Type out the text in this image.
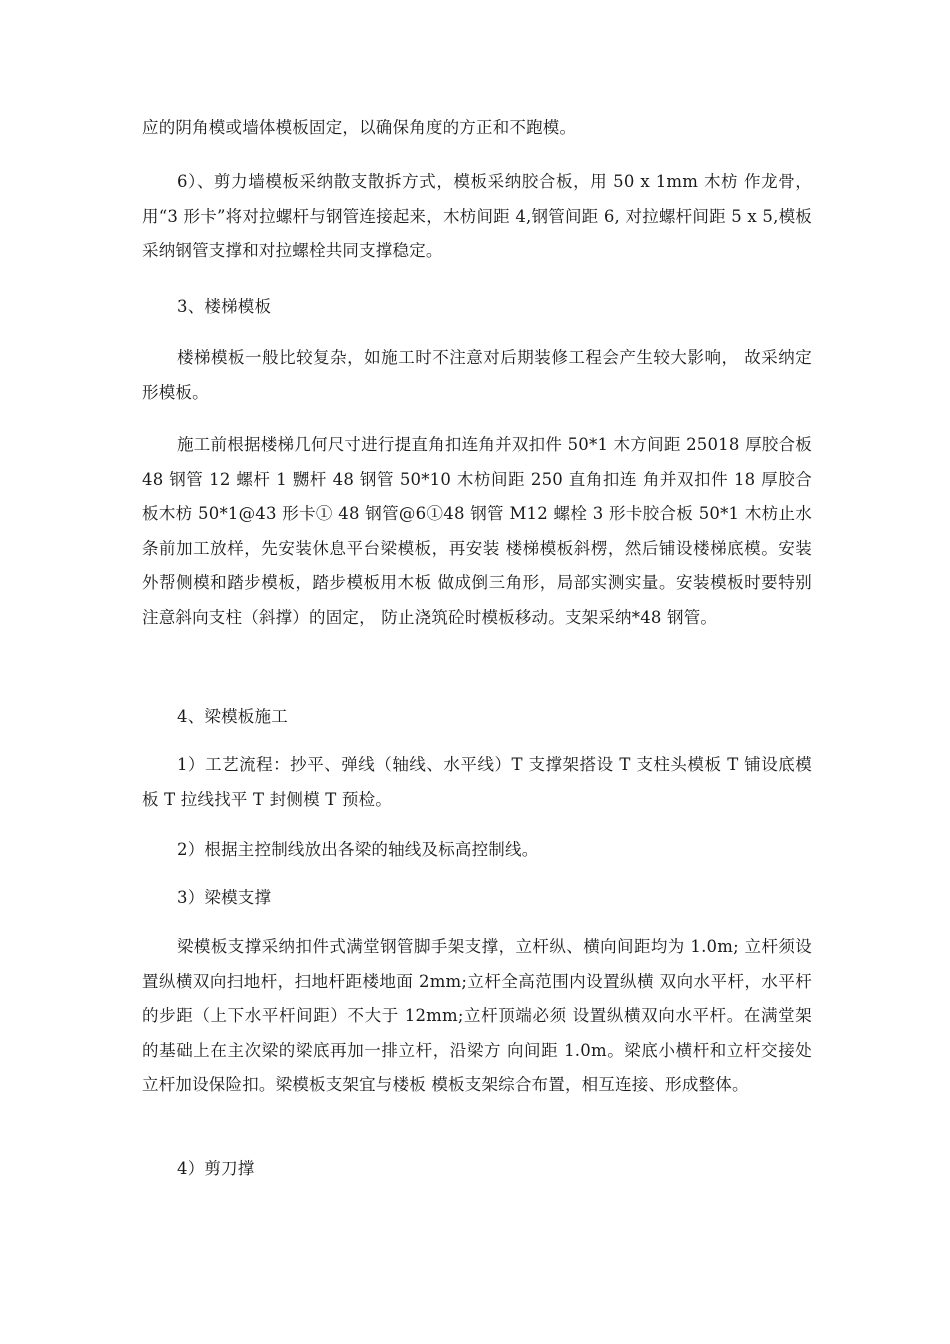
应的阴角模或墙体模板固定，以确保角度的方正和不跑模。

6）、剪力墙模板采纳散支散拆方式，模板采纳胶合板，用 50 x 1mm 木枋 作龙骨，用“3 形卡”将对拉螺杆与钢管连接起来，木枋间距 4,钢管间距 6, 对拉螺杆间距 5 x 5,模板采纳钢管支撑和对拉螺栓共同支撑稳定。

3、楼梯模板

楼梯模板一般比较复杂，如施工时不注意对后期装修工程会产生较大影响， 故采纳定形模板。

施工前根据楼梯几何尺寸进行提直角扣连角并双扣件 50*1 木方间距 25018 厚胶合板 48 钢管 12 螺杆 1 嬲杆 48 钢管 50*10 木枋间距 250 直角扣连 角并双扣件 18 厚胶合板木枋 50*1@43 形卡① 48 钢管@6①48 钢管 M12 螺栓 3 形卡胶合板 50*1 木枋止水条前加工放样，先安装休息平台梁模板，再安装 楼梯模板斜楞，然后铺设楼梯底模。安装外帮侧模和踏步模板，踏步模板用木板 做成倒三角形，局部实测实量。安装模板时要特别注意斜向支柱（斜撑）的固定， 防止浇筑砼时模板移动。支架采纳*48 钢管。

4、梁模板施工

1）工艺流程：抄平、弹线（轴线、水平线）T 支撑架搭设 T 支柱头模板 T 铺设底模板 T 拉线找平 T 封侧模 T 预检。

2）根据主控制线放出各梁的轴线及标高控制线。

3）梁模支撑

梁模板支撑采纳扣件式满堂钢管脚手架支撑，立杆纵、横向间距均为 1.0m; 立杆须设置纵横双向扫地杆，扫地杆距楼地面 2mm;立杆全高范围内设置纵横 双向水平杆，水平杆的步距（上下水平杆间距）不大于 12mm;立杆顶端必须 设置纵横双向水平杆。在满堂架的基础上在主次梁的梁底再加一排立杆，沿梁方 向间距 1.0m。梁底小横杆和立杆交接处立杆加设保险扣。梁模板支架宜与楼板 模板支架综合布置，相互连接、形成整体。

4）剪刀撑
